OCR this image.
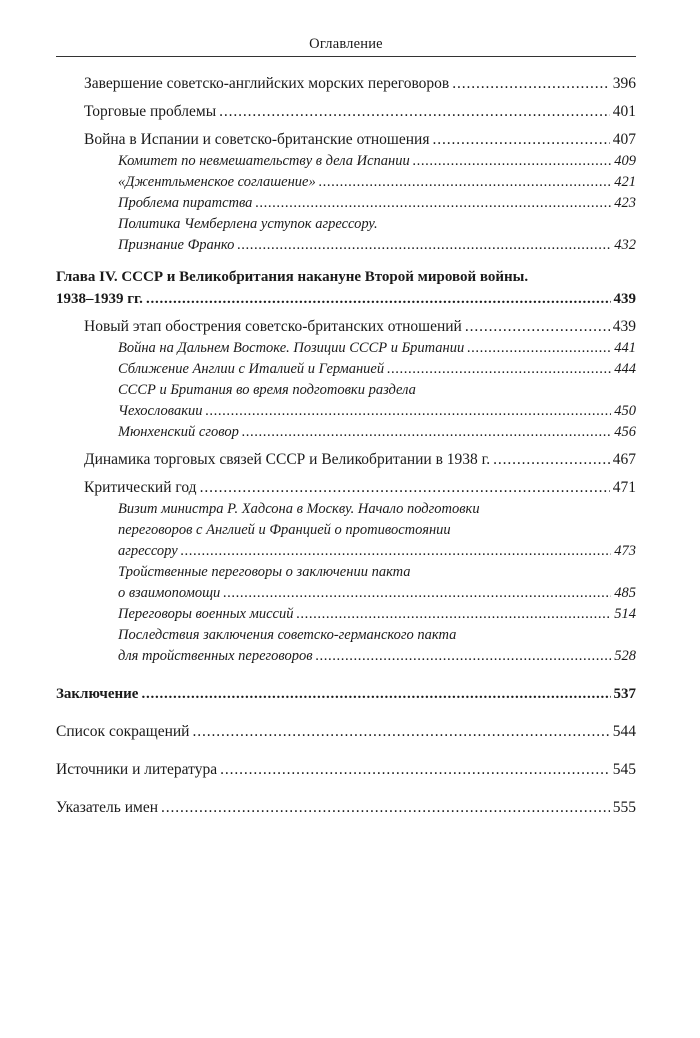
Оглавление
Завершение советско-английских морских переговоров . . .	396
Торговые проблемы . . .	401
Война в Испании и советско-британские отношения . . .	407
Комитет по невмешательству в дела Испании . . .	409
«Джентльменское соглашение» . . .	421
Проблема пиратства . . .	423
Политика Чемберлена уступок агрессору.
Признание Франко . . .	432
Глава IV. СССР и Великобритания накануне Второй мировой войны.
1938–1939 гг. . . .	439
Новый этап обострения советско-британских отношений . . .	439
Война на Дальнем Востоке. Позиции СССР и Британии . . .	441
Сближение Англии с Италией и Германией . . .	444
СССР и Британия во время подготовки раздела
Чехословакии . . .	450
Мюнхенский сговор . . .	456
Динамика торговых связей СССР и Великобритании в 1938 г. . . .	467
Критический год . . .	471
Визит министра Р. Хадсона в Москву. Начало подготовки
переговоров с Англией и Францией о противостоянии
агрессору . . .	473
Тройственные переговоры о заключении пакта
о взаимопомощи . . .	485
Переговоры военных миссий . . .	514
Последствия заключения советско-германского пакта
для тройственных переговоров . . .	528
Заключение . . .	537
Список сокращений . . .	544
Источники и литература . . .	545
Указатель имен . . .	555
